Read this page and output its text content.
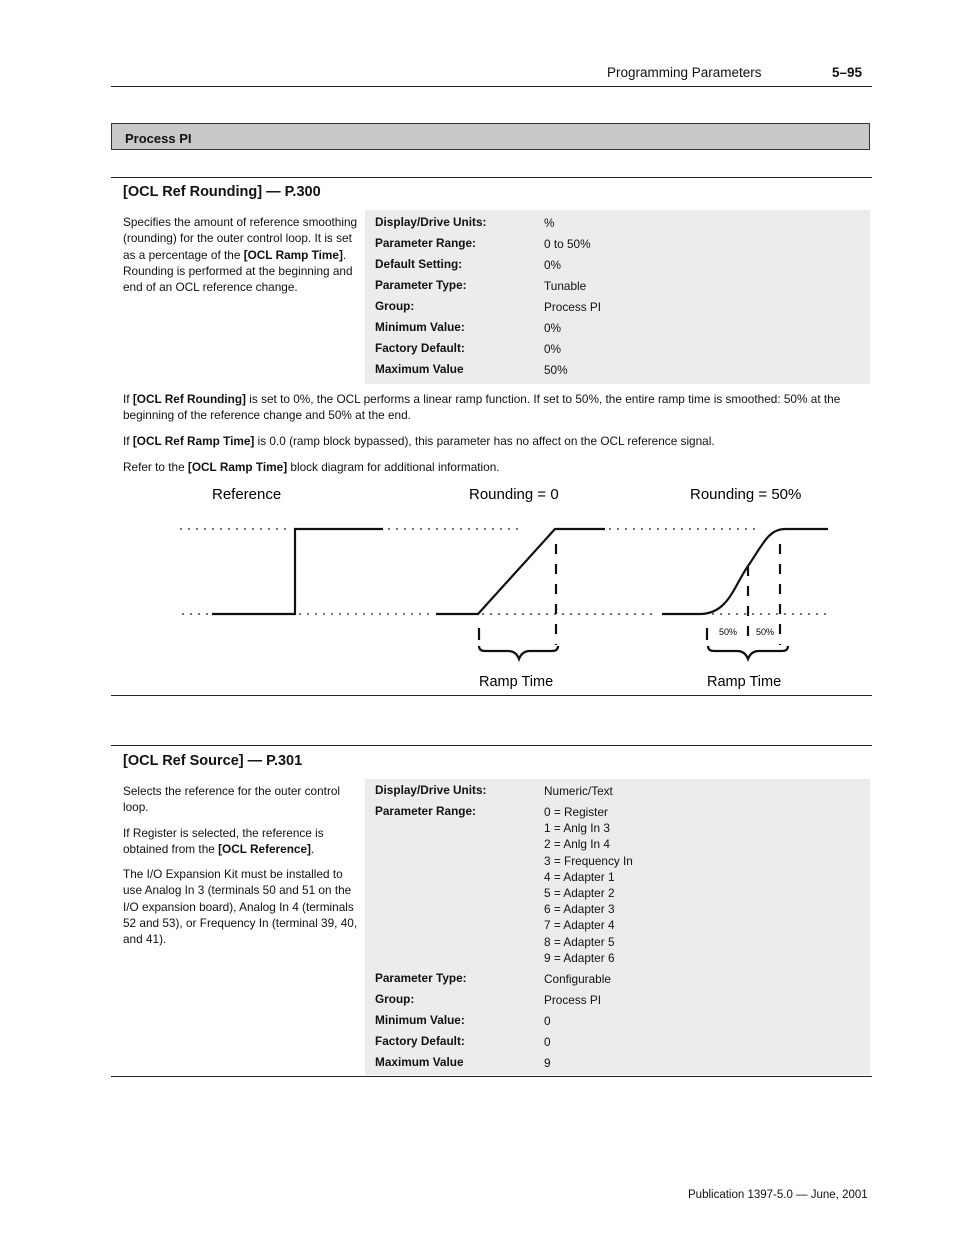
Programming Parameters	5–95
Process PI
[OCL Ref Rounding] — P.300
Specifies the amount of reference smoothing (rounding) for the outer control loop. It is set as a percentage of the [OCL Ramp Time]. Rounding is performed at the beginning and end of an OCL reference change.
Display/Drive Units:	%
Parameter Range:	0 to 50%
Default Setting:	0%
Parameter Type:	Tunable
Group:	Process PI
Minimum Value:	0%
Factory Default:	0%
Maximum Value	50%
If [OCL Ref Rounding] is set to 0%, the OCL performs a linear ramp function. If set to 50%, the entire ramp time is smoothed: 50% at the beginning of the reference change and 50% at the end.
If [OCL Ref Ramp Time] is 0.0 (ramp block bypassed), this parameter has no affect on the OCL reference signal.
Refer to the [OCL Ramp Time] block diagram for additional information.
Reference	Rounding = 0	Rounding = 50%
50% 50%
Ramp Time	Ramp Time
[OCL Ref Source] — P.301

Selects the reference for the outer control loop.

If Register is selected, the reference is obtained from the [OCL Reference].

The I/O Expansion Kit must be installed to use Analog In 3 (terminals 50 and 51 on the I/O expansion board), Analog In 4 (terminals 52 and 53), or Frequency In (terminal 39, 40, and 41).

Display/Drive Units:	Numeric/Text
Parameter Range:	0 = Register
1 = Anlg In 3
2 = Anlg In 4
3 = Frequency In
4 = Adapter 1
5 = Adapter 2
6 = Adapter 3
7 = Adapter 4
8 = Adapter 5
9 = Adapter 6
Parameter Type:	Configurable
Group:	Process PI
Minimum Value:	0
Factory Default:	0
Maximum Value	9
Publication 1397-5.0 — June, 2001
